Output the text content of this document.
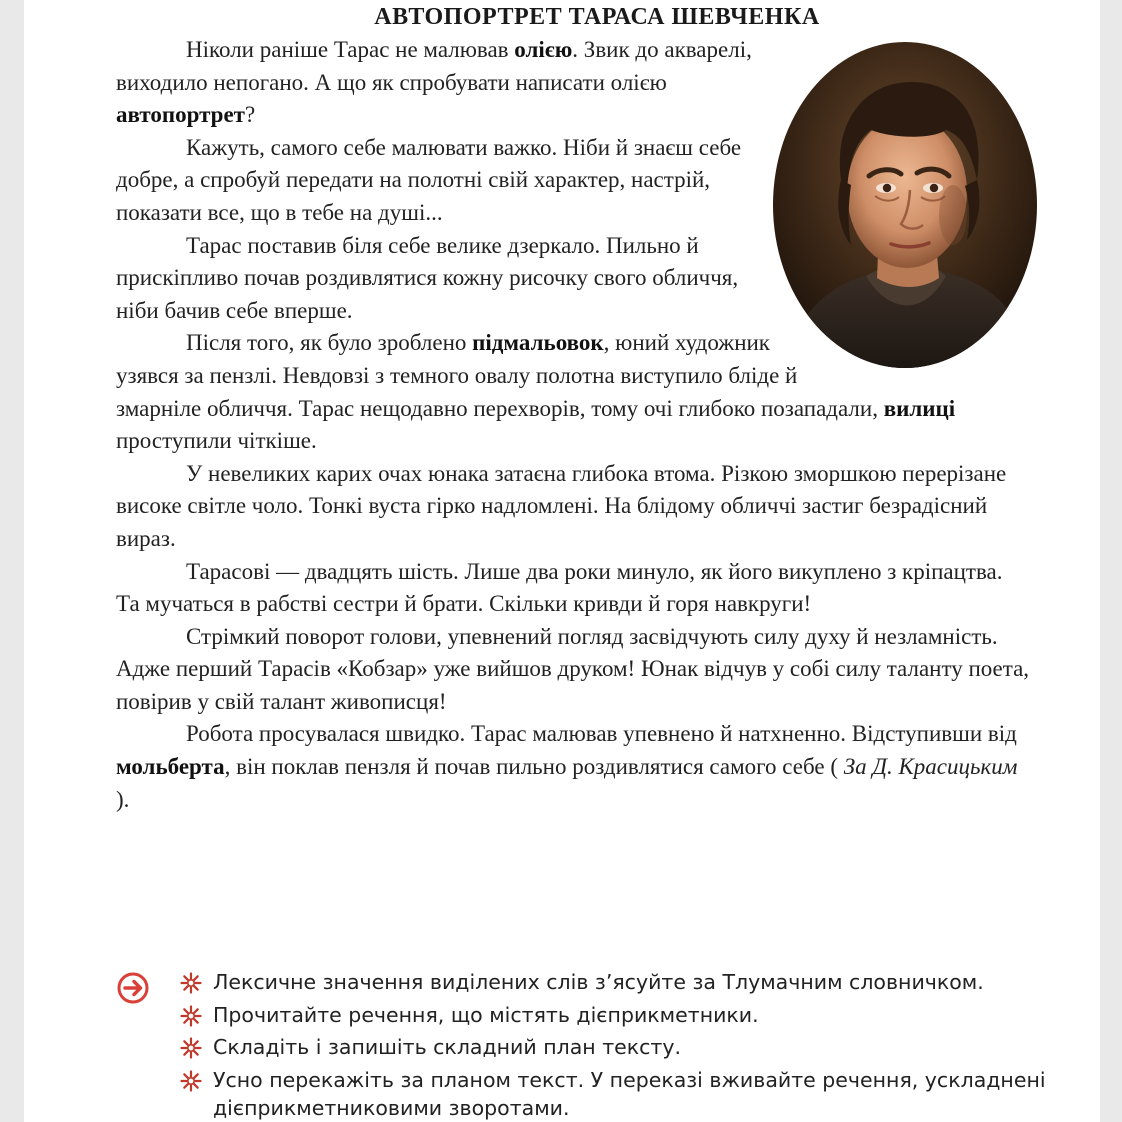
АВТОПОРТРЕТ ТАРАСА ШЕВЧЕНКА

Ніколи раніше Тарас не малював олією. Звик до акварелі, виходило непогано. А що як спробувати написати олією автопортрет?

Кажуть, самого себе малювати важко. Ніби й знаєш себе добре, а спробуй передати на полотні свій характер, настрій, показати все, що в тебе на душі...

Тарас поставив біля себе велике дзеркало. Пильно й прискіпливо почав роздивлятися кожну рисочку свого обличчя, ніби бачив себе вперше.

Після того, як було зроблено підмальовок, юний художник узявся за пензлі. Невдовзі з темного овалу полотна виступило бліде й змарніле обличчя. Тарас нещодавно перехворів, тому очі глибоко позападали, вилиці проступили чіткіше.

У невеликих карих очах юнака затаєна глибока втома. Різкою зморшкою перерізане високе світле чоло. Тонкі вуста гірко надломлені. На блідому обличчі застиг безрадісний вираз.

Тарасові — двадцять шість. Лише два роки минуло, як його викуплено з кріпацтва. Та мучаться в рабстві сестри й брати. Скільки кривди й горя навкруги!

Стрімкий поворот голови, упевнений погляд засвідчують силу духу й незламність. Адже перший Тарасів «Кобзар» уже вийшов друком! Юнак відчув у собі силу таланту поета, повірив у свій талант живописця!

Робота просувалася швидко. Тарас малював упевнено й натхненно. Відступивши від мольберта, він поклав пензля й почав пильно роздивлятися самого себе ( За Д. Красицьким ).

Лексичне значення виділених слів з’ясуйте за Тлумачним словничком.
Прочитайте речення, що містять дієприкметники.
Складіть і запишіть складний план тексту.
Усно перекажіть за планом текст. У переказі вживайте речення, ускладнені дієприкметниковими зворотами.
